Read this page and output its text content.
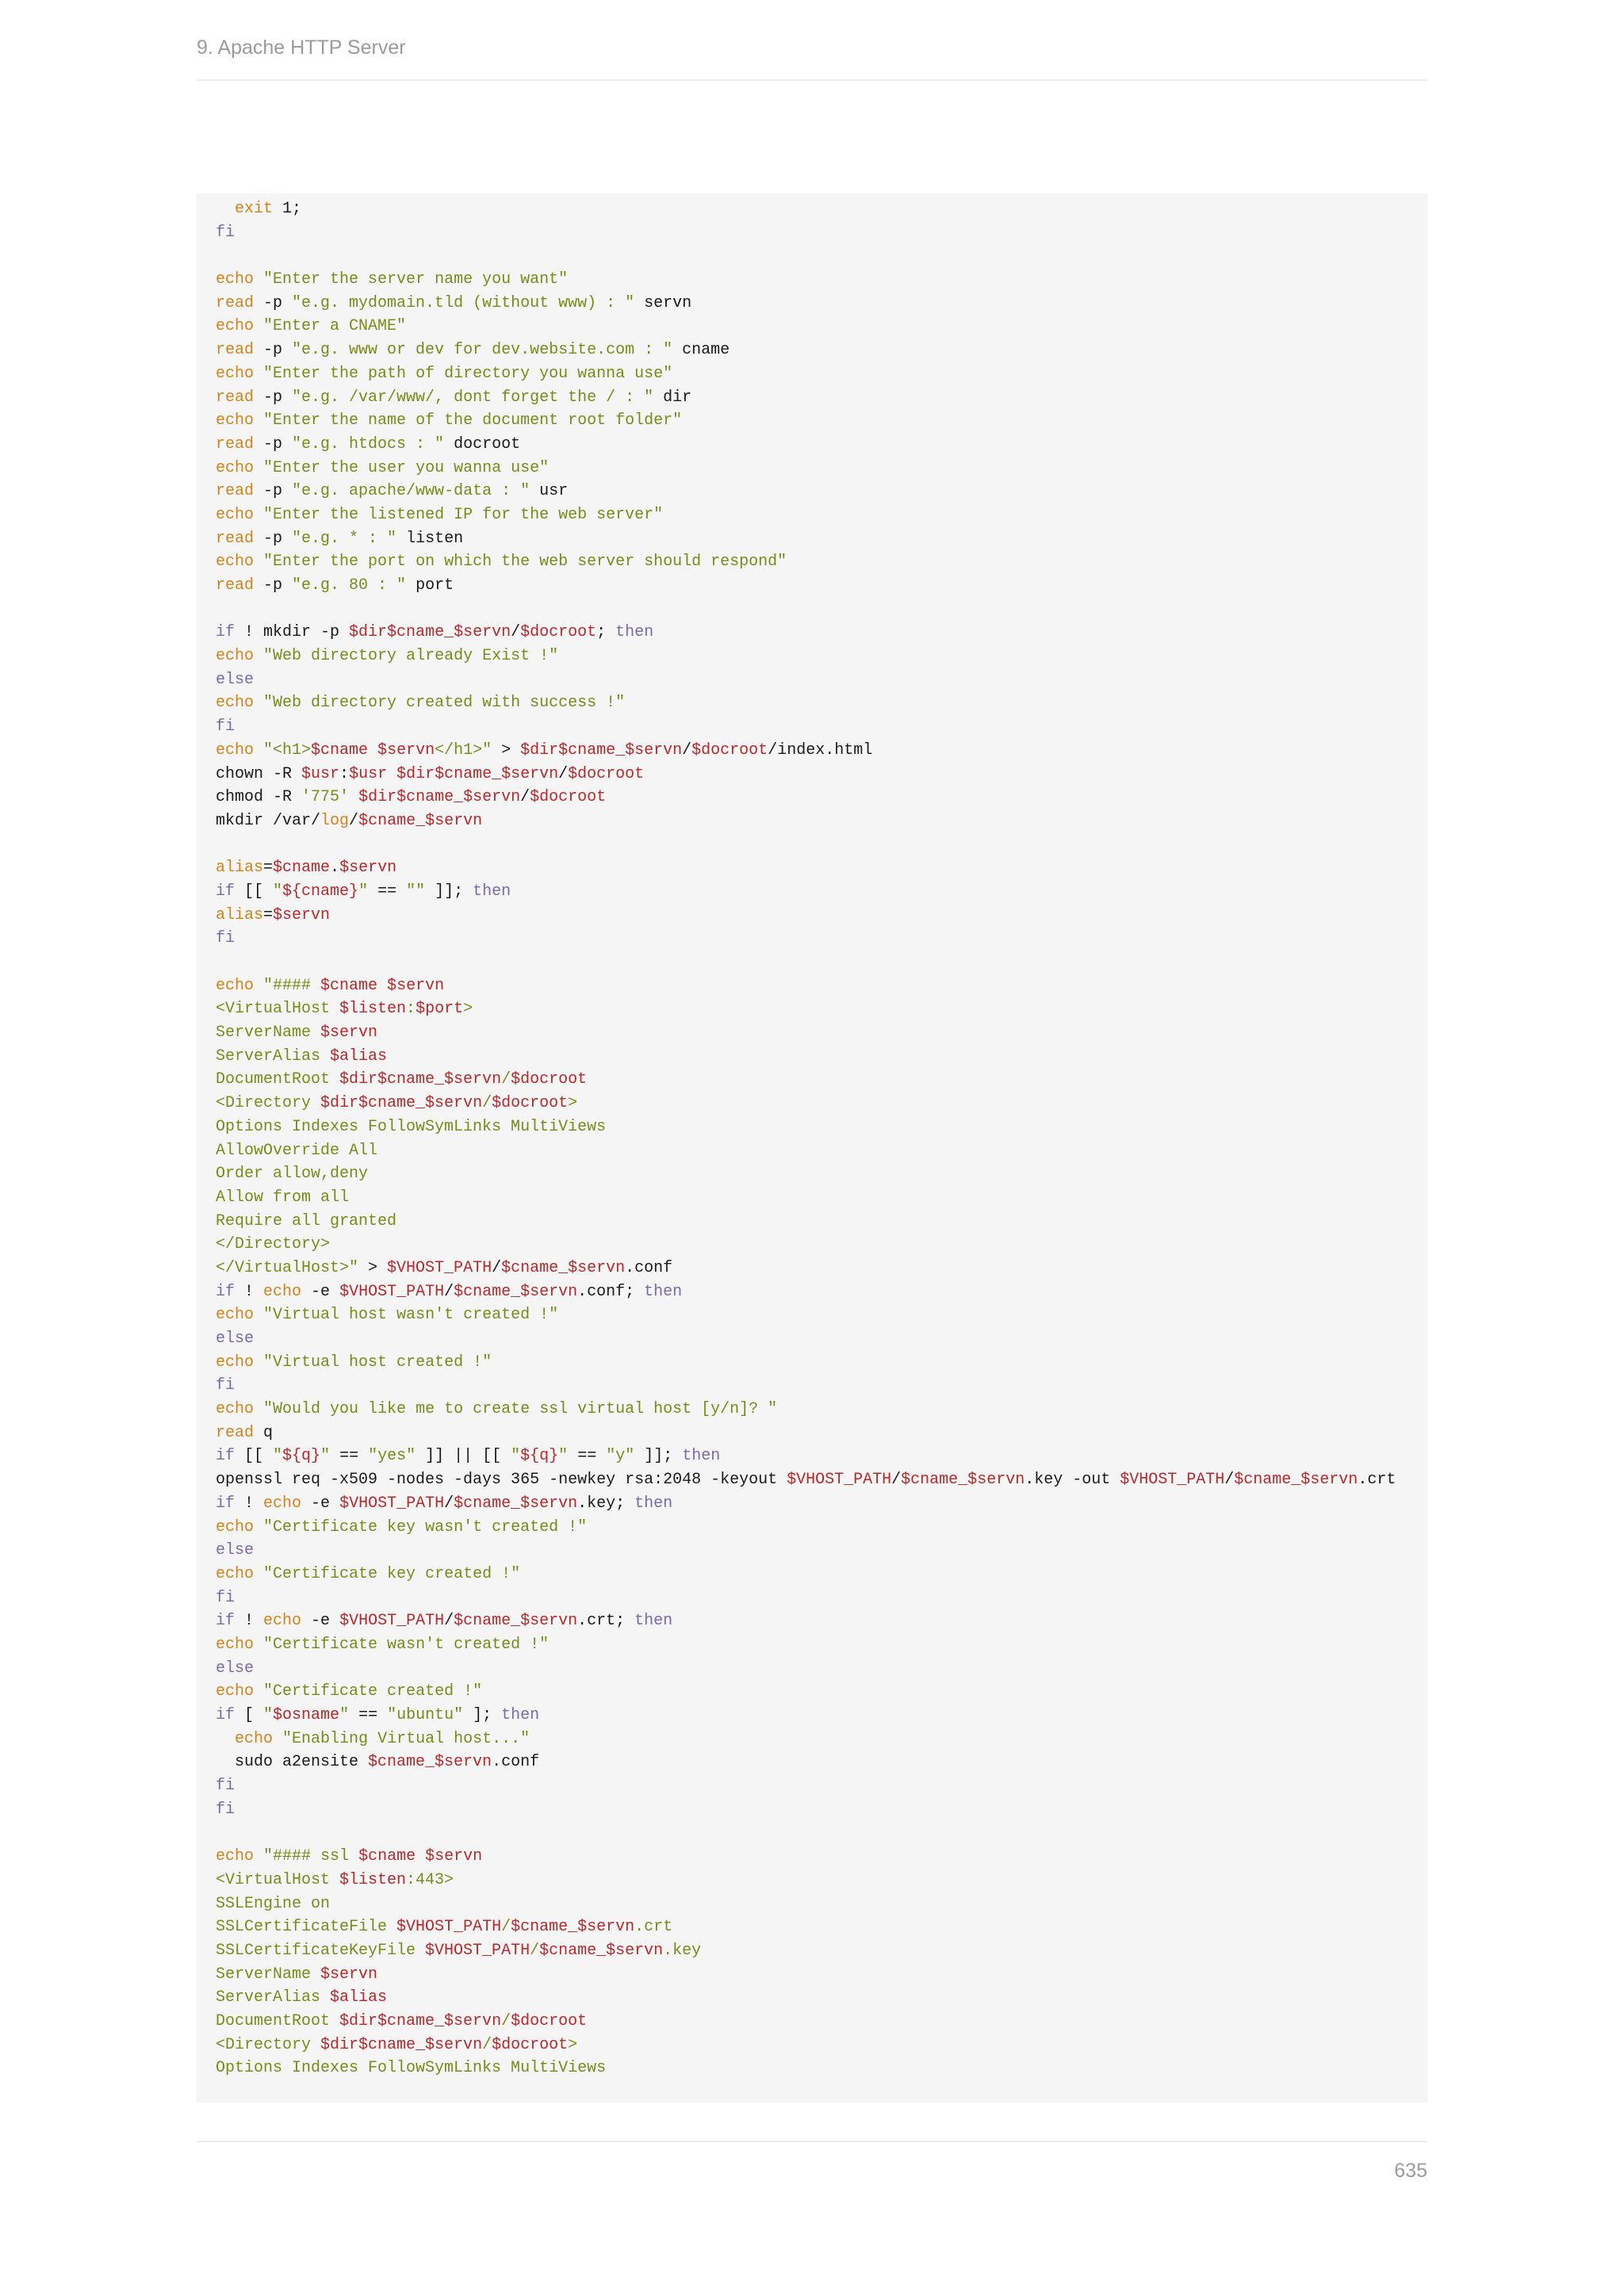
9. Apache HTTP Server
exit 1;
fi
echo "Enter the server name you want"
read -p "e.g. mydomain.tld (without www) : " servn
echo "Enter a CNAME"
read -p "e.g. www or dev for dev.website.com : " cname
echo "Enter the path of directory you wanna use"
read -p "e.g. /var/www/, dont forget the / : " dir
echo "Enter the name of the document root folder"
read -p "e.g. htdocs : " docroot
echo "Enter the user you wanna use"
read -p "e.g. apache/www-data : " usr
echo "Enter the listened IP for the web server"
read -p "e.g. * : " listen
echo "Enter the port on which the web server should respond"
read -p "e.g. 80 : " port
if ! mkdir -p $dir$cname_$servn/$docroot; then
echo "Web directory already Exist !"
else
echo "Web directory created with success !"
fi
echo "<h1>$cname $servn</h1>" > $dir$cname_$servn/$docroot/index.html
chown -R $usr:$usr $dir$cname_$servn/$docroot
chmod -R '775' $dir$cname_$servn/$docroot
mkdir /var/log/$cname_$servn
alias=$cname.$servn
if [[ "${cname}" == "" ]]; then
alias=$servn
fi
echo "#### $cname $servn
<VirtualHost $listen:$port>
ServerName $servn
ServerAlias $alias
DocumentRoot $dir$cname_$servn/$docroot
<Directory $dir$cname_$servn/$docroot>
Options Indexes FollowSymLinks MultiViews
AllowOverride All
Order allow,deny
Allow from all
Require all granted
</Directory>
</VirtualHost>" > $VHOST_PATH/$cname_$servn.conf
if ! echo -e $VHOST_PATH/$cname_$servn.conf; then
echo "Virtual host wasn't created !"
else
echo "Virtual host created !"
fi
echo "Would you like me to create ssl virtual host [y/n]? "
read q
if [[ "${q}" == "yes" ]] || [[ "${q}" == "y" ]]; then
openssl req -x509 -nodes -days 365 -newkey rsa:2048 -keyout $VHOST_PATH/$cname_$servn.key -out $VHOST_PATH/$cname_$servn.crt
if ! echo -e $VHOST_PATH/$cname_$servn.key; then
echo "Certificate key wasn't created !"
else
echo "Certificate key created !"
fi
if ! echo -e $VHOST_PATH/$cname_$servn.crt; then
echo "Certificate wasn't created !"
else
echo "Certificate created !"
if [ "$osname" == "ubuntu" ]; then
echo "Enabling Virtual host..."
sudo a2ensite $cname_$servn.conf
fi
fi
echo "#### ssl $cname $servn
<VirtualHost $listen:443>
SSLEngine on
SSLCertificateFile $VHOST_PATH/$cname_$servn.crt
SSLCertificateKeyFile $VHOST_PATH/$cname_$servn.key
ServerName $servn
ServerAlias $alias
DocumentRoot $dir$cname_$servn/$docroot
<Directory $dir$cname_$servn/$docroot>
Options Indexes FollowSymLinks MultiViews
635
